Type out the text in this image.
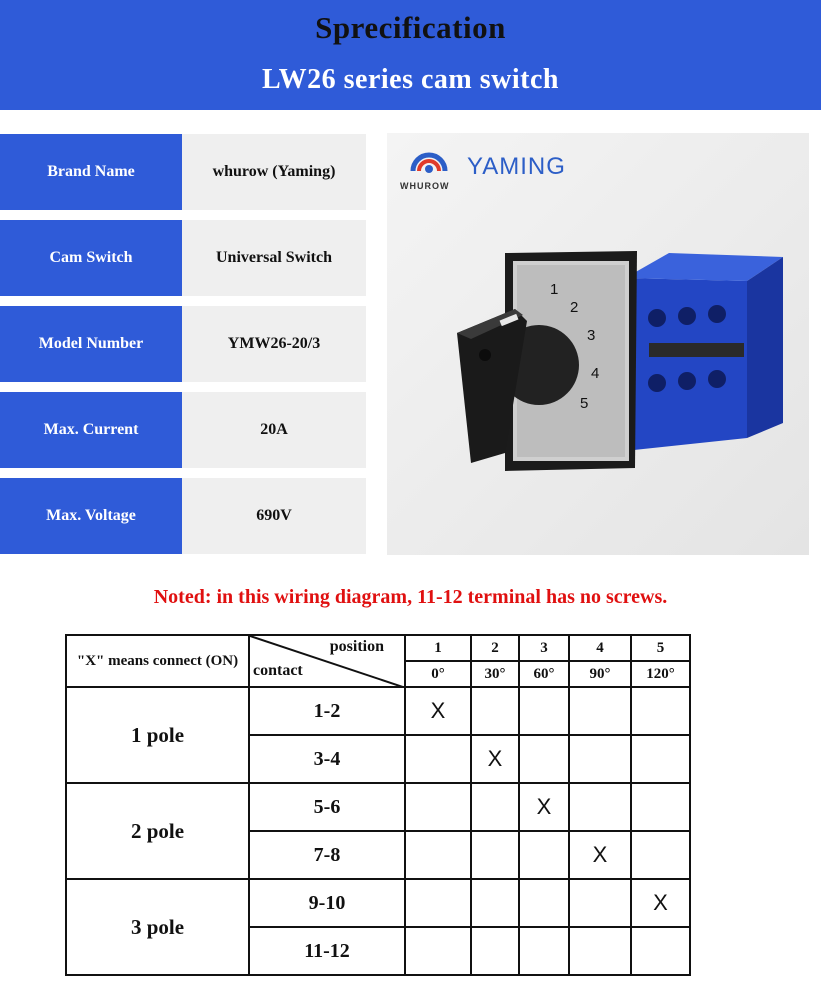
Sprecification
LW26 series cam switch
Brand Name	whurow (Yaming)
Cam Switch	Universal Switch
Model Number	YMW26-20/3
Max. Current	20A
Max. Voltage	690V
YAMING
WHUROW
1
2
3
4
5
Noted: in this wiring diagram, 11-12 terminal has no screws.
"X" means connect (ON)	position
contact	1	2	3	4	5
		0°	30°	60°	90°	120°
1 pole	1-2	X				
	3-4		X			
2 pole	5-6			X		
	7-8				X	
3 pole	9-10					X
	11-12					
